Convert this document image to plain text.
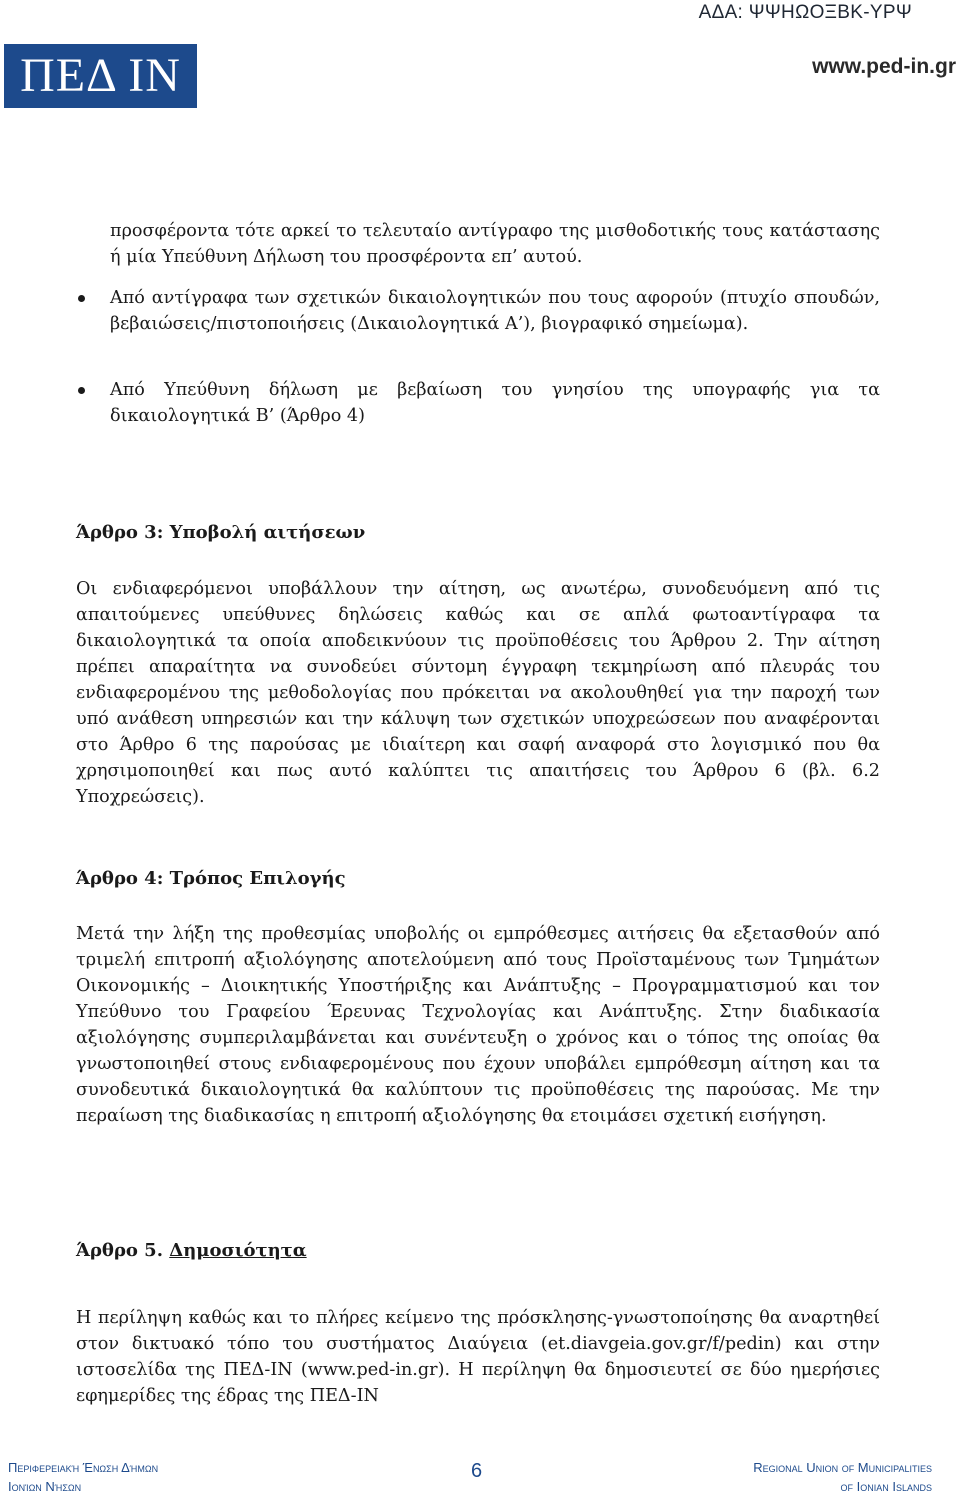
ΑΔΑ: ΨΨΗΩΟΞΒΚ-ΥΡΨ
ΠΕΔ ΙΝ	www.ped-in.gr

προσφέροντα τότε αρκεί το τελευταίο αντίγραφο της μισθοδοτικής τους κατάστασης ή μία Υπεύθυνη Δήλωση του προσφέροντα επ’ αυτού.

Από αντίγραφα των σχετικών δικαιολογητικών που τους αφορούν (πτυχίο σπουδών, βεβαιώσεις/πιστοποιήσεις (Δικαιολογητικά Α’), βιογραφικό σημείωμα).

Από Υπεύθυνη δήλωση με βεβαίωση του γνησίου της υπογραφής για τα δικαιολογητικά Β’ (Άρθρο 4)

Άρθρο 3: Υποβολή αιτήσεων

Οι ενδιαφερόμενοι υποβάλλουν την αίτηση, ως ανωτέρω, συνοδευόμενη από τις απαιτούμενες υπεύθυνες δηλώσεις καθώς και σε απλά φωτοαντίγραφα τα δικαιολογητικά τα οποία αποδεικνύουν τις προϋποθέσεις του Άρθρου 2. Την αίτηση πρέπει απαραίτητα να συνοδεύει σύντομη έγγραφη τεκμηρίωση από πλευράς του ενδιαφερομένου της μεθοδολογίας που πρόκειται να ακολουθηθεί για την παροχή των υπό ανάθεση υπηρεσιών και την κάλυψη των σχετικών υποχρεώσεων που αναφέρονται στο Άρθρο 6 της παρούσας με ιδιαίτερη και σαφή αναφορά στο λογισμικό που θα χρησιμοποιηθεί και πως αυτό καλύπτει τις απαιτήσεις του Άρθρου 6 (βλ. 6.2 Υποχρεώσεις).

Άρθρο 4: Τρόπος Επιλογής

Μετά την λήξη της προθεσμίας υποβολής οι εμπρόθεσμες αιτήσεις θα εξετασθούν από τριμελή επιτροπή αξιολόγησης αποτελούμενη από τους Προϊσταμένους των Τμημάτων Οικονομικής – Διοικητικής Υποστήριξης και Ανάπτυξης – Προγραμματισμού και τον Υπεύθυνο του Γραφείου Έρευνας Τεχνολογίας και Ανάπτυξης. Στην διαδικασία αξιολόγησης συμπεριλαμβάνεται και συνέντευξη ο χρόνος και ο τόπος της οποίας θα γνωστοποιηθεί στους ενδιαφερομένους που έχουν υποβάλει εμπρόθεσμη αίτηση και τα συνοδευτικά δικαιολογητικά θα καλύπτουν τις προϋποθέσεις της παρούσας. Με την περαίωση της διαδικασίας η επιτροπή αξιολόγησης θα ετοιμάσει σχετική εισήγηση.

Άρθρο 5. Δημοσιότητα

Η περίληψη καθώς και το πλήρες κείμενο της πρόσκλησης-γνωστοποίησης θα αναρτηθεί στον δικτυακό τόπο του συστήματος Διαύγεια (et.diavgeia.gov.gr/f/pedin) και στην ιστοσελίδα της ΠΕΔ-ΙΝ (www.ped-in.gr). Η περίληψη θα δημοσιευτεί σε δύο ημερήσιες εφημερίδες της έδρας της ΠΕΔ-ΙΝ

Περιφερειακή Ένωση Δήμων
Ιονίων Νήσων
6	Regional Union of Municipalities
of Ionian Islands
